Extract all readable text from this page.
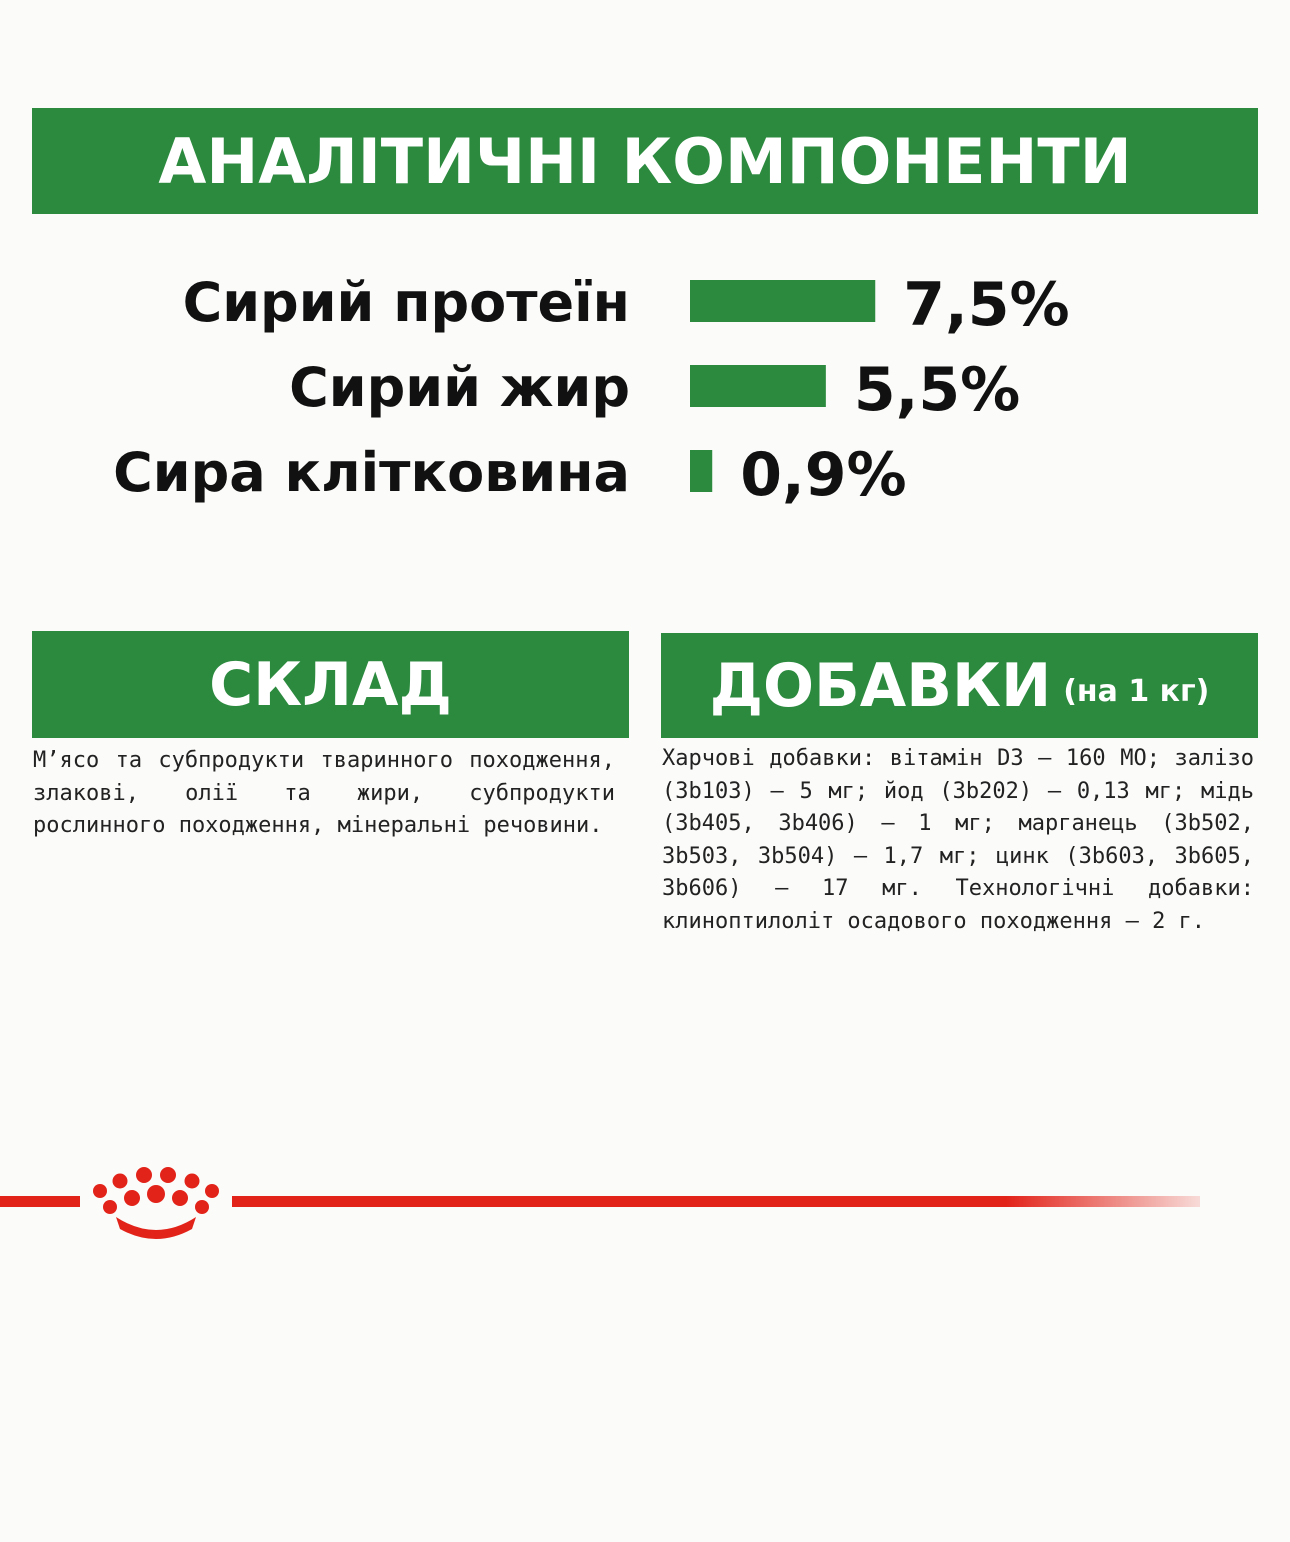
АНАЛІТИЧНІ КОМПОНЕНТИ
Сирий протеїн	7,5%
Сирий жир	5,5%
Сира клітковина 0,9%
СКЛАД

М’ясо та субпродукти тваринного походження, злакові, олії та жири, субпродукти рослинного походження, мінеральні речовини.

ДОБАВКИ (на 1 кг)

Харчові добавки: вітамін D3 – 160 МО; залізо (3b103) – 5 мг; йод (3b202) – 0,13 мг; мідь (3b405, 3b406) – 1 мг; марганець (3b502, 3b503, 3b504) – 1,7 мг; цинк (3b603, 3b605, 3b606) – 17 мг. Технологічні добавки: клиноптилоліт осадового походження – 2 г.
